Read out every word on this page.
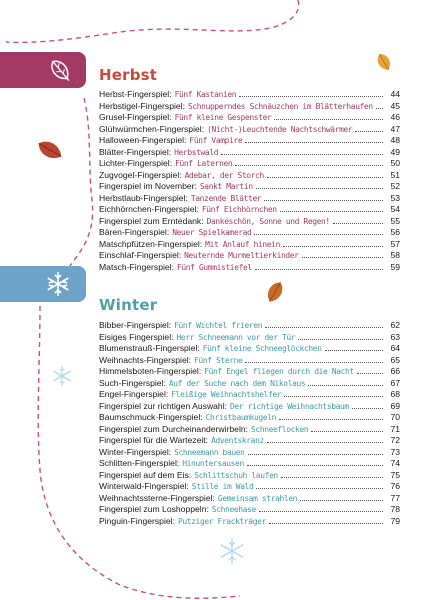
Herbst
Winter
Herbst-Fingerspiel: Fünf Kastanien	44
Herbstigel-Fingerspiel: Schnupperndes Schnäuzchen im Blätterhaufen	45
Grusel-Fingerspiel: Fünf kleine Gespenster	46
Glühwürmchen-Fingerspiel: (Nicht-)Leuchtende Nachtschwärmer	47
Halloween-Fingerspiel: Fünf Vampire	48
Blätter-Fingerspiel: Herbstwald	49
Lichter-Fingerspiel: Fünf Laternen	50
Zugvogel-Fingerspiel: Adebar, der Storch	51
Fingerspiel im November: Sankt Martin	52
Herbstlaub-Fingerspiel: Tanzende Blätter	53
Eichhörnchen-Fingerspiel: Fünf Eichhörnchen	54
Fingerspiel zum Erntedank: Dankeschön, Sonne und Regen!	55
Bären-Fingerspiel: Neuer Spielkamerad	56
Matschpfützen-Fingerspiel: Mit Anlauf hinein	57
Einschlaf-Fingerspiel: Neuternde Murmeltierkinder	58
Matsch-Fingerspiel: Fünf Gummistiefel	59
Bibber-Fingerspiel: Fünf Wichtel frieren	62
Eisiges Fingerspiel: Herr Schneemann vor der Tür	63
Blumenstrauß-Fingerspiel: Fünf kleine Schneeglöckchen	64
Weihnachts-Fingerspiel: Fünf Sterne	65
Himmelsboten-Fingerspiel: Fünf Engel fliegen durch die Nacht	66
Such-Fingerspiel: Auf der Suche nach dem Nikolaus	67
Engel-Fingerspiel: Fleißige Weihnachtshelfer	68
Fingerspiel zur richtigen Auswahl: Der richtige Weihnachtsbaum	69
Baumschmuck-Fingerspiel: Christbaumkugeln	70
Fingerspiel zum Durcheinanderwirbeln: Schneeflocken	71
Fingerspiel für die Wartezeit: Adventskranz	72
Winter-Fingerspiel: Schneemann bauen	73
Schlitten-Fingerspiel: Hinuntersausen	74
Fingerspiel auf dem Eis: Schlittschuh laufen	75
Winterwald-Fingerspiel: Stille im Wald	76
Weihnachtssterne-Fingerspiel: Gemeinsam strahlen	77
Fingerspiel zum Loshoppeln: Schneehase	78
Pinguin-Fingerspiel: Putziger Frackträger	79
